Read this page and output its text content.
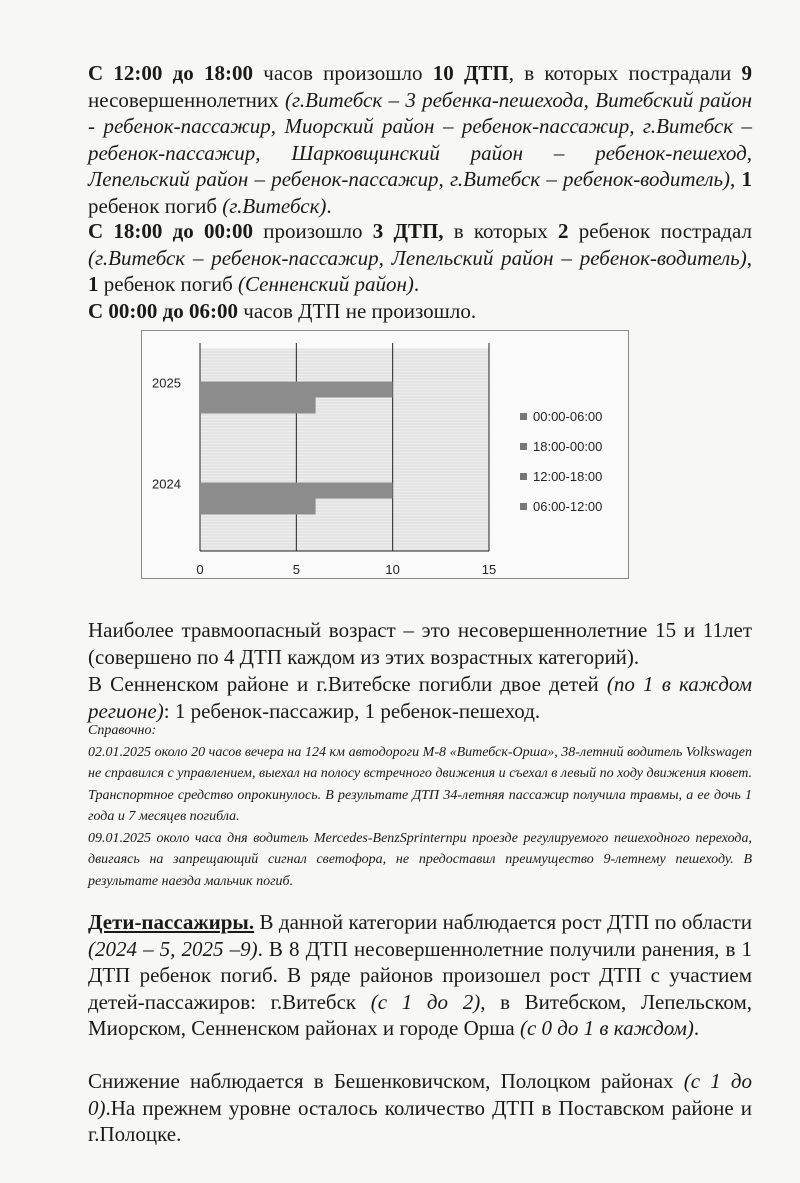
С 12:00 до 18:00 часов произошло 10 ДТП, в которых пострадали 9 несовершеннолетних (г.Витебск – 3 ребенка-пешехода, Витебский район - ребенок-пассажир, Миорский район – ребенок-пассажир, г.Витебск – ребенок-пассажир, Шарковщинский район – ребенок-пешеход, Лепельский район – ребенок-пассажир, г.Витебск – ребенок-водитель), 1 ребенок погиб (г.Витебск).

С 18:00 до 00:00 произошло 3 ДТП, в которых 2 ребенок пострадал (г.Витебск – ребенок-пассажир, Лепельский район – ребенок-водитель), 1 ребенок погиб (Сенненский район).

С 00:00 до 06:00 часов ДТП не произошло.

0	5	10	15
2024
2025
00:00-06:00
18:00-00:00
12:00-18:00
06:00-12:00

Наиболее травмоопасный возраст – это несовершеннолетние 15 и 11лет (совершено по 4 ДТП каждом из этих возрастных категорий).

В Сенненском районе и г.Витебске погибли двое детей (по 1 в каждом регионе): 1 ребенок-пассажир, 1 ребенок-пешеход.

Справочно:

02.01.2025 около 20 часов вечера на 124 км автодороги М-8 «Витебск-Орша», 38-летний водитель Volkswagen не справился с управлением, выехал на полосу встречного движения и съехал в левый по ходу движения кювет. Транспортное средство опрокинулось. В результате ДТП 34-летняя пассажир получила травмы, а ее дочь 1 года и 7 месяцев погибла.

09.01.2025 около часа дня водитель Mercedes-BenzSprinterпри проезде регулируемого пешеходного перехода, двигаясь на запрещающий сигнал светофора, не предоставил преимущество 9-летнему пешеходу. В результате наезда мальчик погиб.

Дети-пассажиры. В данной категории наблюдается рост ДТП по области (2024 – 5, 2025 –9). В 8 ДТП несовершеннолетние получили ранения, в 1 ДТП ребенок погиб. В ряде районов произошел рост ДТП с участием детей-пассажиров: г.Витебск (с 1 до 2), в Витебском, Лепельском, Миорском, Сенненском районах и городе Орша (с 0 до 1 в каждом).

Снижение наблюдается в Бешенковичском, Полоцком районах (с 1 до 0).На прежнем уровне осталось количество ДТП в Поставском районе и г.Полоцке.
